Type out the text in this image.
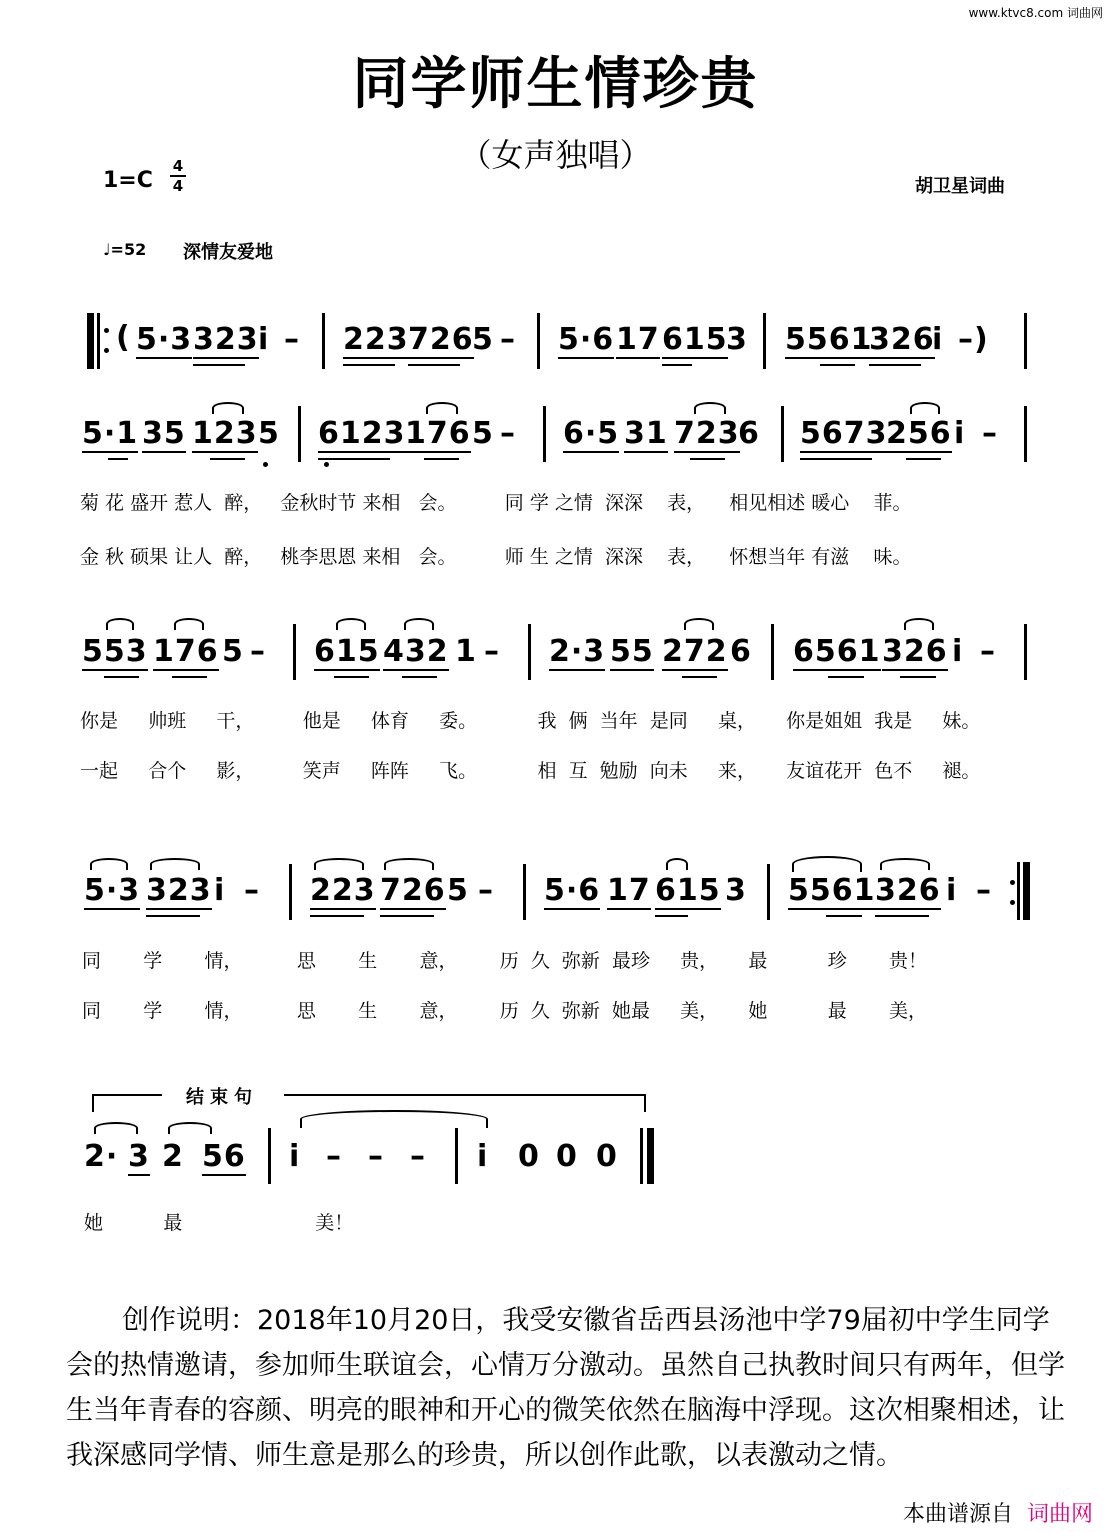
www.ktvc8.com 词曲网
同学师生情珍贵
（女声独唱）
1=C
4
4	胡卫星词曲
♩=52 深情友爱地
( 5·3 323 i – 223 726
5 – 5·6 17 615
3 5561
326
i –)
5·1 35 123 5 6123 176 5 – 6·5 31 723
6 5673
256 i –
菊 花 盛开 惹人  醉，   金秋时节 来相   会。        同 学 之情  深深    表，    相见相述 暖心    菲。
金 秋 硕果 让人  醉，   桃李思恩 来相   会。        师 生 之情  深深    表，    怀想当年 有滋    味。
553 176 5 – 615 432 1 – 2·3 55 272 6 6561 326 i –
你是     帅班     干，        他是     体育     委。          我  俩  当年  是同     桌，     你是姐姐  我是     妹。
一起     合个     影，        笑声     阵阵     飞。          相  互  勉励  向未     来，     友谊花开  色不     褪。
5·3 323 i – 223 726 5 – 5·6 17 615 3 5561 326 i –
同       学       情，         思       生       意，       历  久  弥新  最珍     贵，     最          珍       贵！
同       学       情，         思       生       意，       历  久  弥新  她最     美，     她          最       美，
结束句
2· 3 2 56 i – – – i 0 0 0
她          最                      美！
创作说明：2018年10月20日，我受安徽省岳西县汤池中学79届初中学生同学会的热情邀请，参加师生联谊会，心情万分激动。虽然自己执教时间只有两年，但学生当年青春的容颜、明亮的眼神和开心的微笑依然在脑海中浮现。这次相聚相述，让我深感同学情、师生意是那么的珍贵，所以创作此歌，以表激动之情。
本曲谱源自 词曲网
